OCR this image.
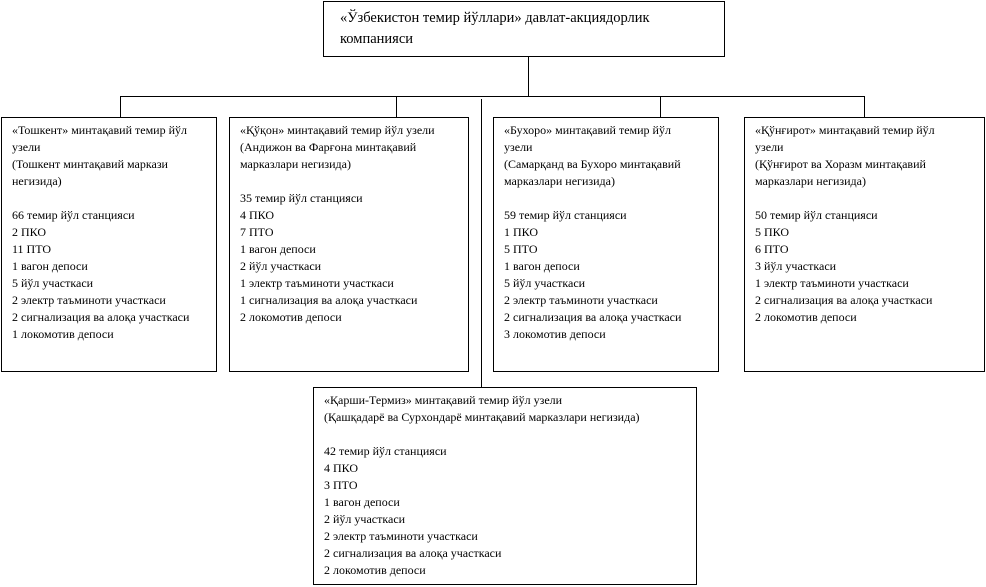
«Ўзбекистон темир йўллари» давлат-акциядорлик
компанияси
«Тошкент» минтақавий темир йўл
узели
(Тошкент минтақавий маркази
негизида)
66 темир йўл станцияси
2 ПКО
11 ПТО
1 вагон депоси
5 йўл участкаси
2 электр таъминоти участкаси
2 сигнализация ва алоқа участкаси
1 локомотив депоси
«Қўқон» минтақавий темир йўл узели
(Андижон ва Фарғона минтақавий
марказлари негизида)
35 темир йўл станцияси
4 ПКО
7 ПТО
1 вагон депоси
2 йўл участкаси
1 электр таъминоти участкаси
1 сигнализация ва алоқа участкаси
2 локомотив депоси
«Бухоро» минтақавий темир йўл
узели
(Самарқанд ва Бухоро минтақавий
марказлари негизида)
59 темир йўл станцияси
1 ПКО
5 ПТО
1 вагон депоси
5 йўл участкаси
2 электр таъминоти участкаси
2 сигнализация ва алоқа участкаси
3 локомотив депоси
«Қўнғирот» минтақавий темир йўл
узели
(Қўнғирот ва Хоразм минтақавий
марказлари негизида)
50 темир йўл станцияси
5 ПКО
6 ПТО
3 йўл участкаси
1 электр таъминоти участкаси
2 сигнализация ва алоқа участкаси
2 локомотив депоси
«Қарши-Термиз» минтақавий темир йўл узели
(Қашқадарё ва Сурхондарё минтақавий марказлари негизида)
42 темир йўл станцияси
4 ПКО
3 ПТО
1 вагон депоси
2 йўл участкаси
2 электр таъминоти участкаси
2 сигнализация ва алоқа участкаси
2 локомотив депоси
